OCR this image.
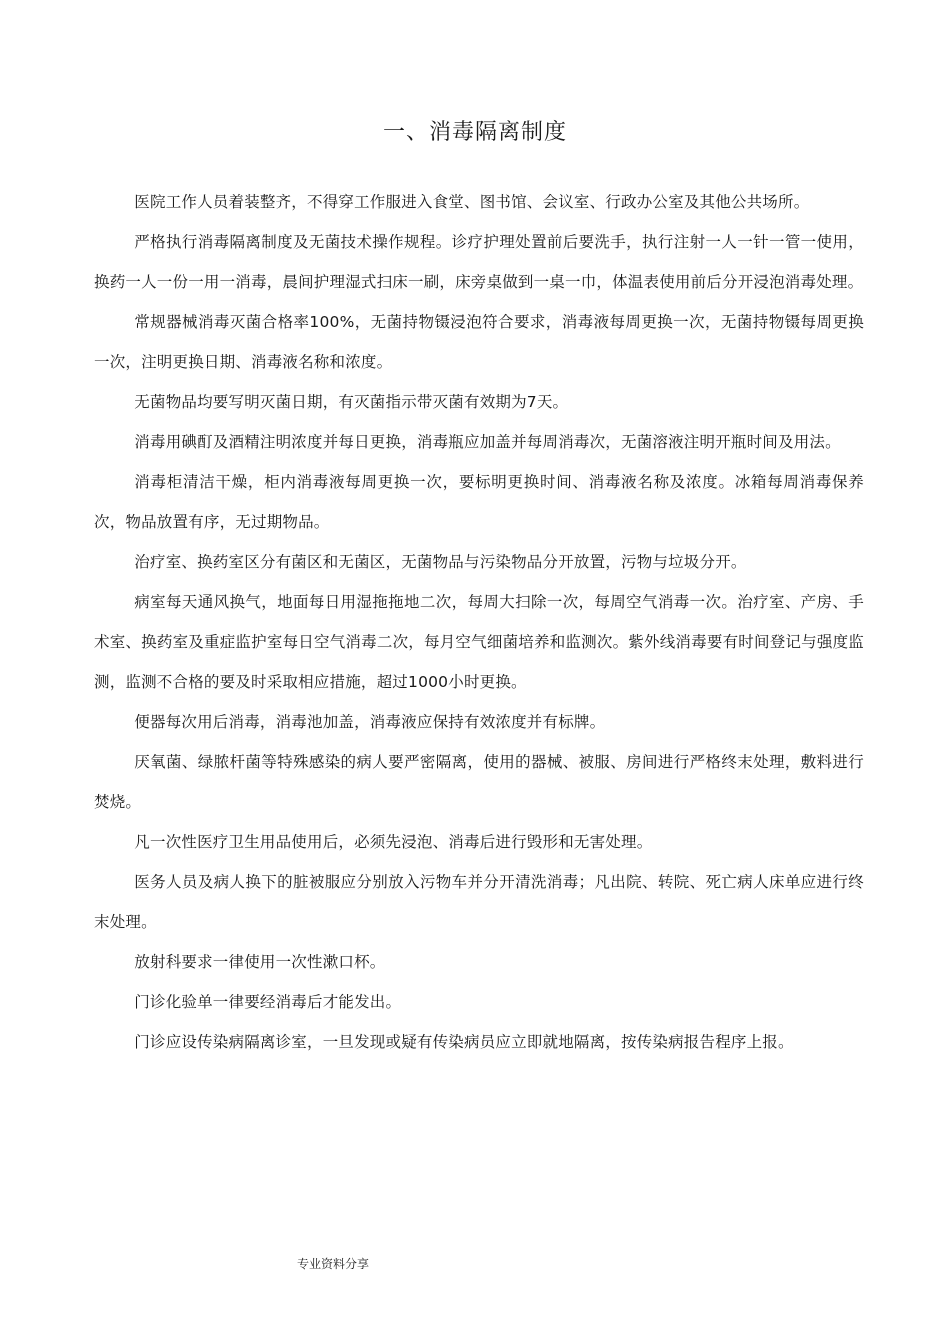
一、消毒隔离制度

医院工作人员着装整齐，不得穿工作服进入食堂、图书馆、会议室、行政办公室及其他公共场所。

严格执行消毒隔离制度及无菌技术操作规程。诊疗护理处置前后要洗手，执行注射一人一针一管一使用，换药一人一份一用一消毒，晨间护理湿式扫床一刷，床旁桌做到一桌一巾，体温表使用前后分开浸泡消毒处理。

常规器械消毒灭菌合格率100%，无菌持物镊浸泡符合要求，消毒液每周更换一次，无菌持物镊每周更换一次，注明更换日期、消毒液名称和浓度。

无菌物品均要写明灭菌日期，有灭菌指示带灭菌有效期为7天。

消毒用碘酊及酒精注明浓度并每日更换，消毒瓶应加盖并每周消毒次，无菌溶液注明开瓶时间及用法。

消毒柜清洁干燥，柜内消毒液每周更换一次，要标明更换时间、消毒液名称及浓度。冰箱每周消毒保养次，物品放置有序，无过期物品。

治疗室、换药室区分有菌区和无菌区，无菌物品与污染物品分开放置，污物与垃圾分开。

病室每天通风换气，地面每日用湿拖拖地二次，每周大扫除一次，每周空气消毒一次。治疗室、产房、手术室、换药室及重症监护室每日空气消毒二次，每月空气细菌培养和监测次。紫外线消毒要有时间登记与强度监测，监测不合格的要及时采取相应措施，超过1000小时更换。

便器每次用后消毒，消毒池加盖，消毒液应保持有效浓度并有标牌。

厌氧菌、绿脓杆菌等特殊感染的病人要严密隔离，使用的器械、被服、房间进行严格终末处理，敷料进行焚烧。

凡一次性医疗卫生用品使用后，必须先浸泡、消毒后进行毁形和无害处理。

医务人员及病人换下的脏被服应分别放入污物车并分开清洗消毒；凡出院、转院、死亡病人床单应进行终末处理。

放射科要求一律使用一次性漱口杯。

门诊化验单一律要经消毒后才能发出。

门诊应设传染病隔离诊室，一旦发现或疑有传染病员应立即就地隔离，按传染病报告程序上报。

专业资料分享
